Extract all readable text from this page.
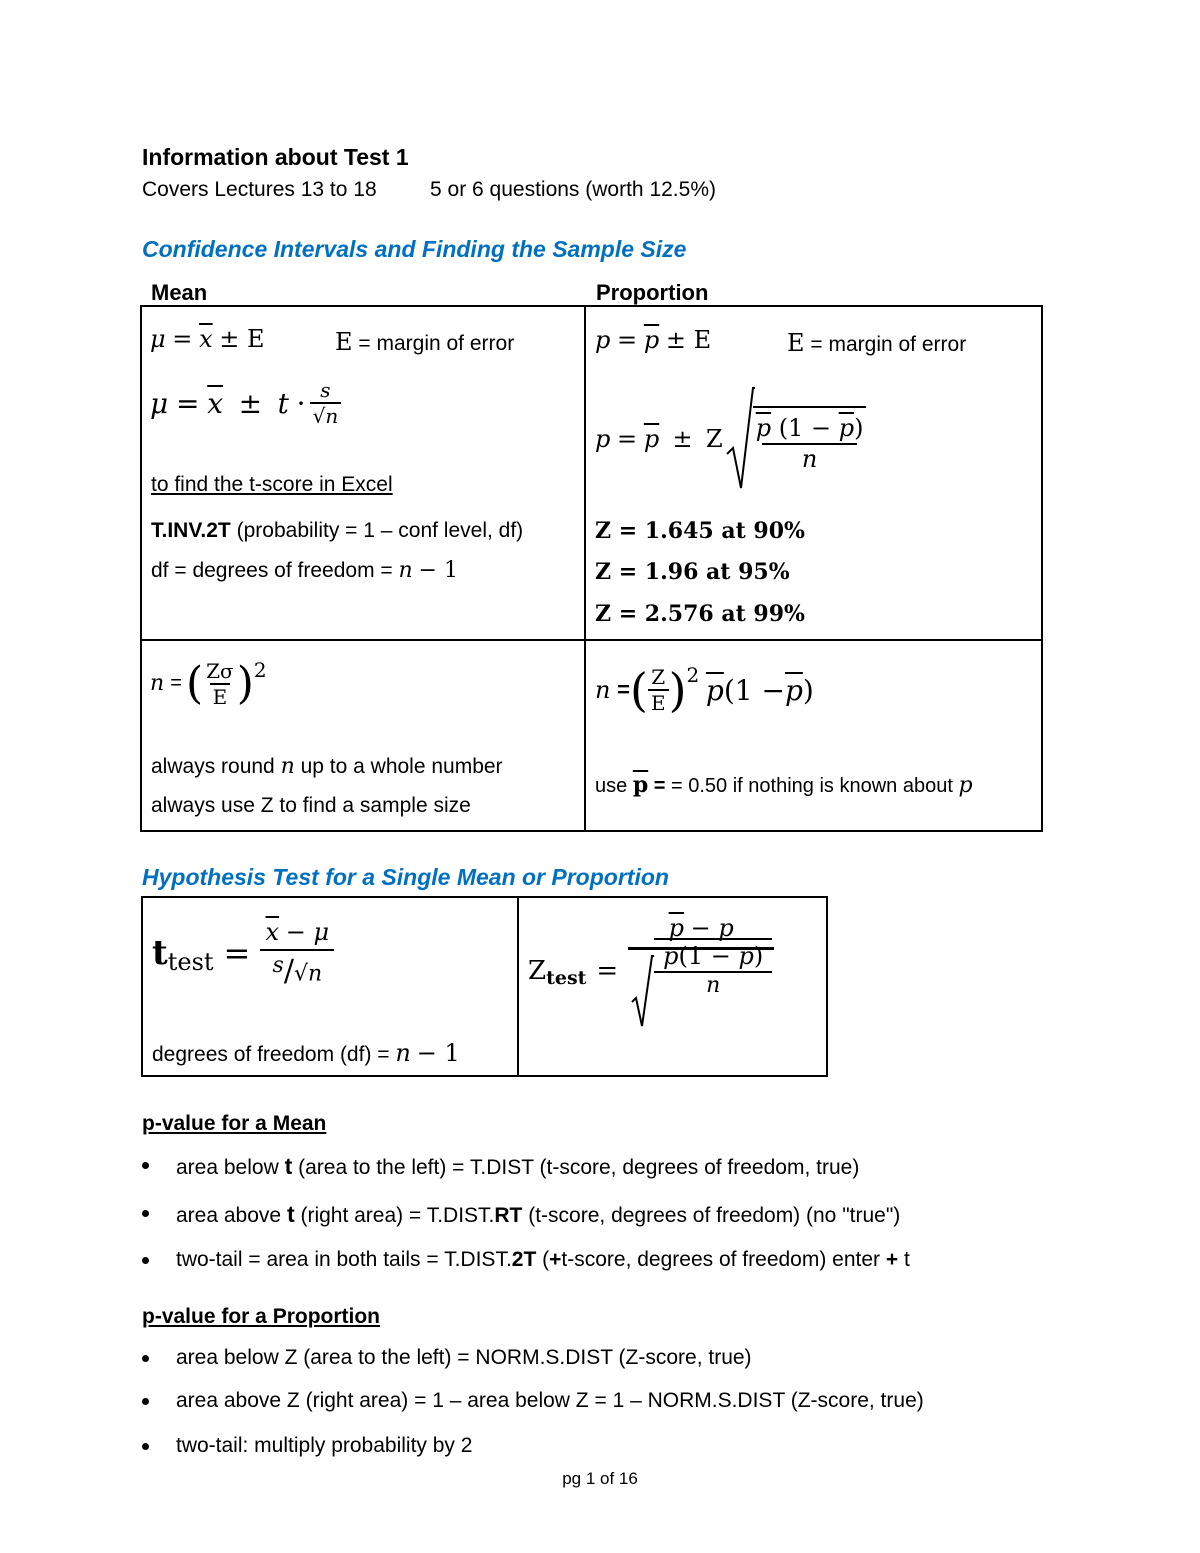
Information about Test 1
Covers Lectures 13 to 18	5 or 6 questions (worth 12.5%)
Confidence Intervals and Finding the Sample Size
Mean	Proportion
$\mu = \overline{x} \pm E$	E = margin of error
μ
=
$\overline{x}$
±
t
· $\frac{s}{√n}$
to find the t-score in Excel
T.INV.2T (probability = 1 – conf level, df)
df = degrees of freedom = n − 1
$p = \overline{p} \pm E$	E = margin of error
p
=
$\overline{p}$
±
Z $\frac{\overline{p} (1 - \overline{p})}{n}$
Z = 1.645 at 90%
Z = 1.96 at 95%
Z = 2.576 at 99%
n
= ( $\frac{Z\sigma}{E}$ ) 2
always round n up to a whole number
always use Z to find a sample size
n
= ( $\frac{Z}{E}$ ) 2
$\overline{p}$ ($1 - \overline{p}$ )
use $\overline{p}$ = = 0.50 if nothing is known about p
Hypothesis Test for a Single Mean or Proportion
t test =
$\overline{x} - \mu$
s/√n
degrees of freedom (df) = n − 1
Z test =
$\overline{p} - p$
p(1 − p)
n
p-value for a Mean
area below t (area to the left) = T.DIST (t-score, degrees of freedom, true)
area above t (right area) = T.DIST.RT (t-score, degrees of freedom) (no "true")
two-tail = area in both tails = T.DIST.2T (+t-score, degrees of freedom) enter + t
p-value for a Proportion
area below Z (area to the left) = NORM.S.DIST (Z-score, true)
area above Z (right area) = 1 – area below Z = 1 – NORM.S.DIST (Z-score, true)
two-tail: multiply probability by 2
pg 1 of 16
